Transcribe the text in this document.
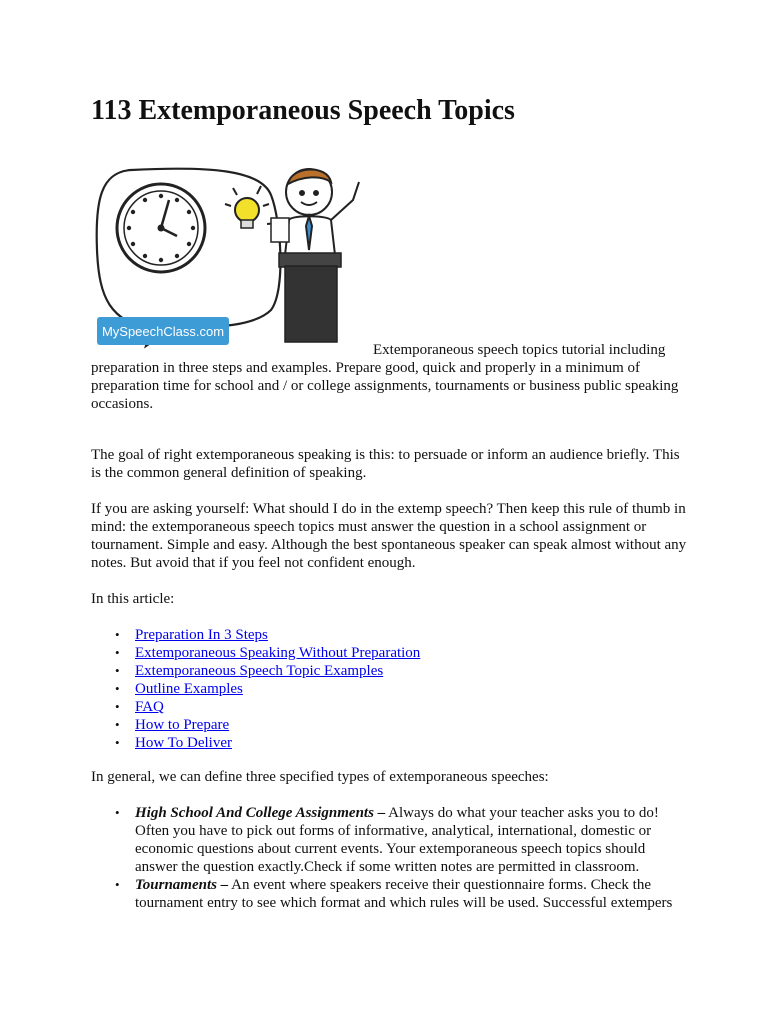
113 Extemporaneous Speech Topics
MySpeechClass.com

Extemporaneous speech topics tutorial including preparation in three steps and examples. Prepare good, quick and properly in a minimum of preparation time for school and / or college assignments, tournaments or business public speaking occasions.

The goal of right extemporaneous speaking is this: to persuade or inform an audience briefly. This is the common general definition of speaking.

If you are asking yourself: What should I do in the extemp speech? Then keep this rule of thumb in mind: the extemporaneous speech topics must answer the question in a school assignment or tournament. Simple and easy. Although the best spontaneous speaker can speak almost without any notes. But avoid that if you feel not confident enough.

In this article:

• Preparation In 3 Steps
• Extemporaneous Speaking Without Preparation
• Extemporaneous Speech Topic Examples
• Outline Examples
• FAQ
• How to Prepare
• How To Deliver

In general, we can define three specified types of extemporaneous speeches:

• High School And College Assignments – Always do what your teacher asks you to do! Often you have to pick out forms of informative, analytical, international, domestic or economic questions about current events. Your extemporaneous speech topics should answer the question exactly.Check if some written notes are permitted in classroom.
• Tournaments – An event where speakers receive their questionnaire forms. Check the tournament entry to see which format and which rules will be used. Successful extempers
